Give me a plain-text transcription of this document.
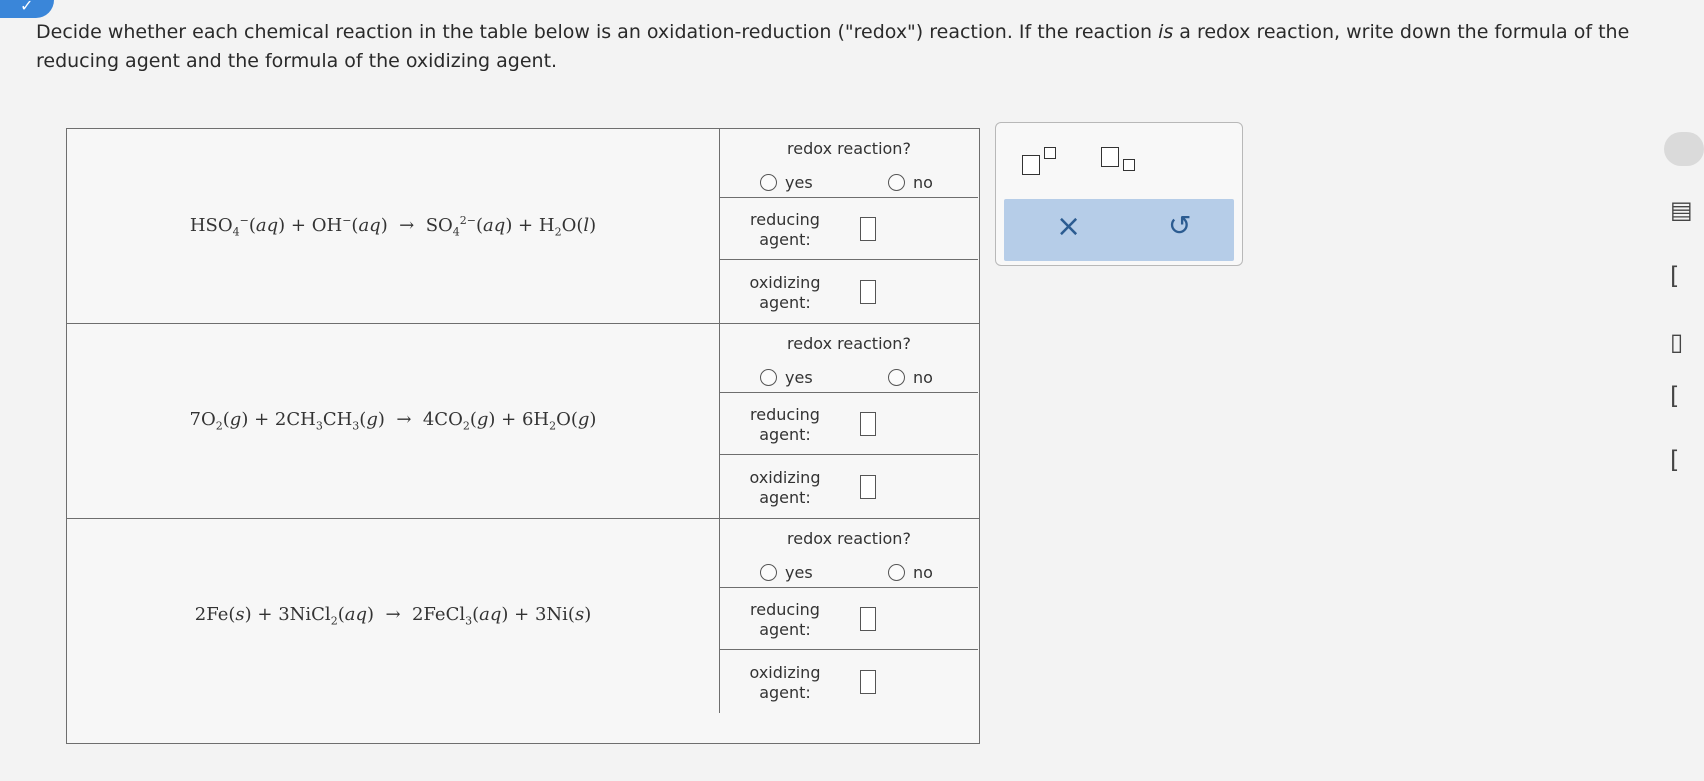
✓
Decide whether each chemical reaction in the table below is an oxidation-reduction ("redox") reaction. If the reaction is a redox reaction, write down the formula of the reducing agent and the formula of the oxidizing agent.
$HSO_4^-(aq) + OH^-(aq) \to SO_4^{2-}(aq) + H_2O(l)$
redox reaction?
yes	no
reducing agent:
oxidizing agent:
$7O_2(g) + 2CH_3CH_3(g) \to 4CO_2(g) + 6H_2O(g)$
redox reaction?
yes	no
reducing agent:
oxidizing agent:
2Fe(s) + 3NiCl$_2$(aq)  →  2FeCl$_3$(aq) + 3Ni(s)
redox reaction?
yes	no
reducing agent:
oxidizing agent:
×	↺	▤
[
▯
[
[
